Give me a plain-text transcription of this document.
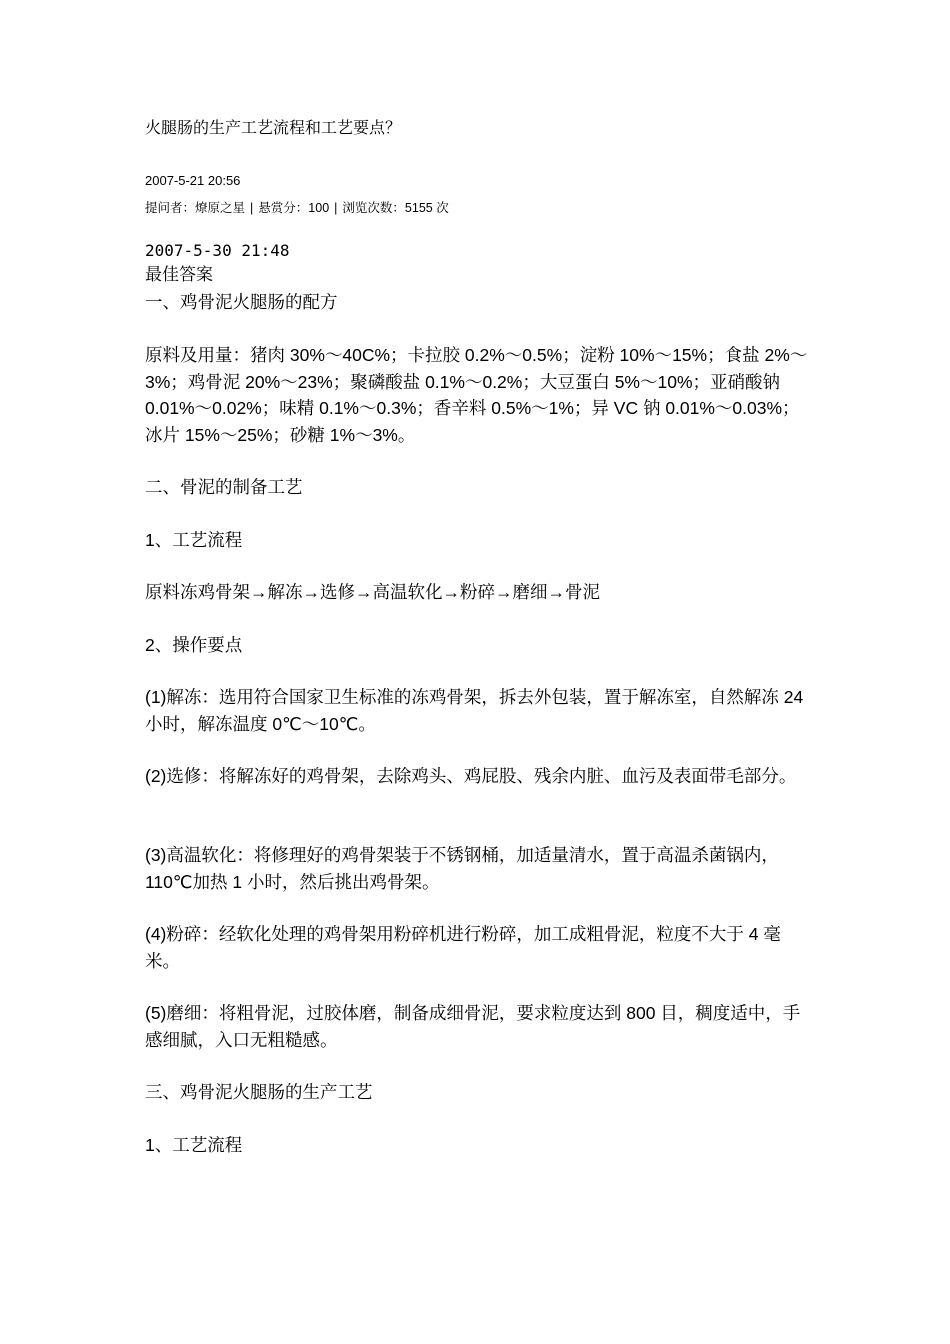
火腿肠的生产工艺流程和工艺要点？
2007-5-21 20:56
提问者：燎原之星 | 悬赏分：100 | 浏览次数：5155 次
2007-5-30 21:48
最佳答案

一、鸡骨泥火腿肠的配方

原料及用量：猪肉 30%～40C%；卡拉胶 0.2%～0.5%；淀粉 10%～15%；食盐 2%～3%；鸡骨泥 20%～23%；聚磷酸盐 0.1%～0.2%；大豆蛋白 5%～10%；亚硝酸钠 0.01%～0.02%；味精 0.1%～0.3%；香辛料 0.5%～1%；异 VC 钠 0.01%～0.03%；冰片 15%～25%；砂糖 1%～3%。

二、骨泥的制备工艺

1、工艺流程

原料冻鸡骨架→解冻→选修→高温软化→粉碎→磨细→骨泥

2、操作要点

(1)解冻：选用符合国家卫生标准的冻鸡骨架，拆去外包装，置于解冻室，自然解冻 24 小时，解冻温度 0℃～10℃。

(2)选修：将解冻好的鸡骨架，去除鸡头、鸡屁股、残余内脏、血污及表面带毛部分。

(3)高温软化：将修理好的鸡骨架装于不锈钢桶，加适量清水，置于高温杀菌锅内，110℃加热 1 小时，然后挑出鸡骨架。

(4)粉碎：经软化处理的鸡骨架用粉碎机进行粉碎，加工成粗骨泥，粒度不大于 4 毫米。

(5)磨细：将粗骨泥，过胶体磨，制备成细骨泥，要求粒度达到 800 目，稠度适中，手感细腻，入口无粗糙感。

三、鸡骨泥火腿肠的生产工艺

1、工艺流程
